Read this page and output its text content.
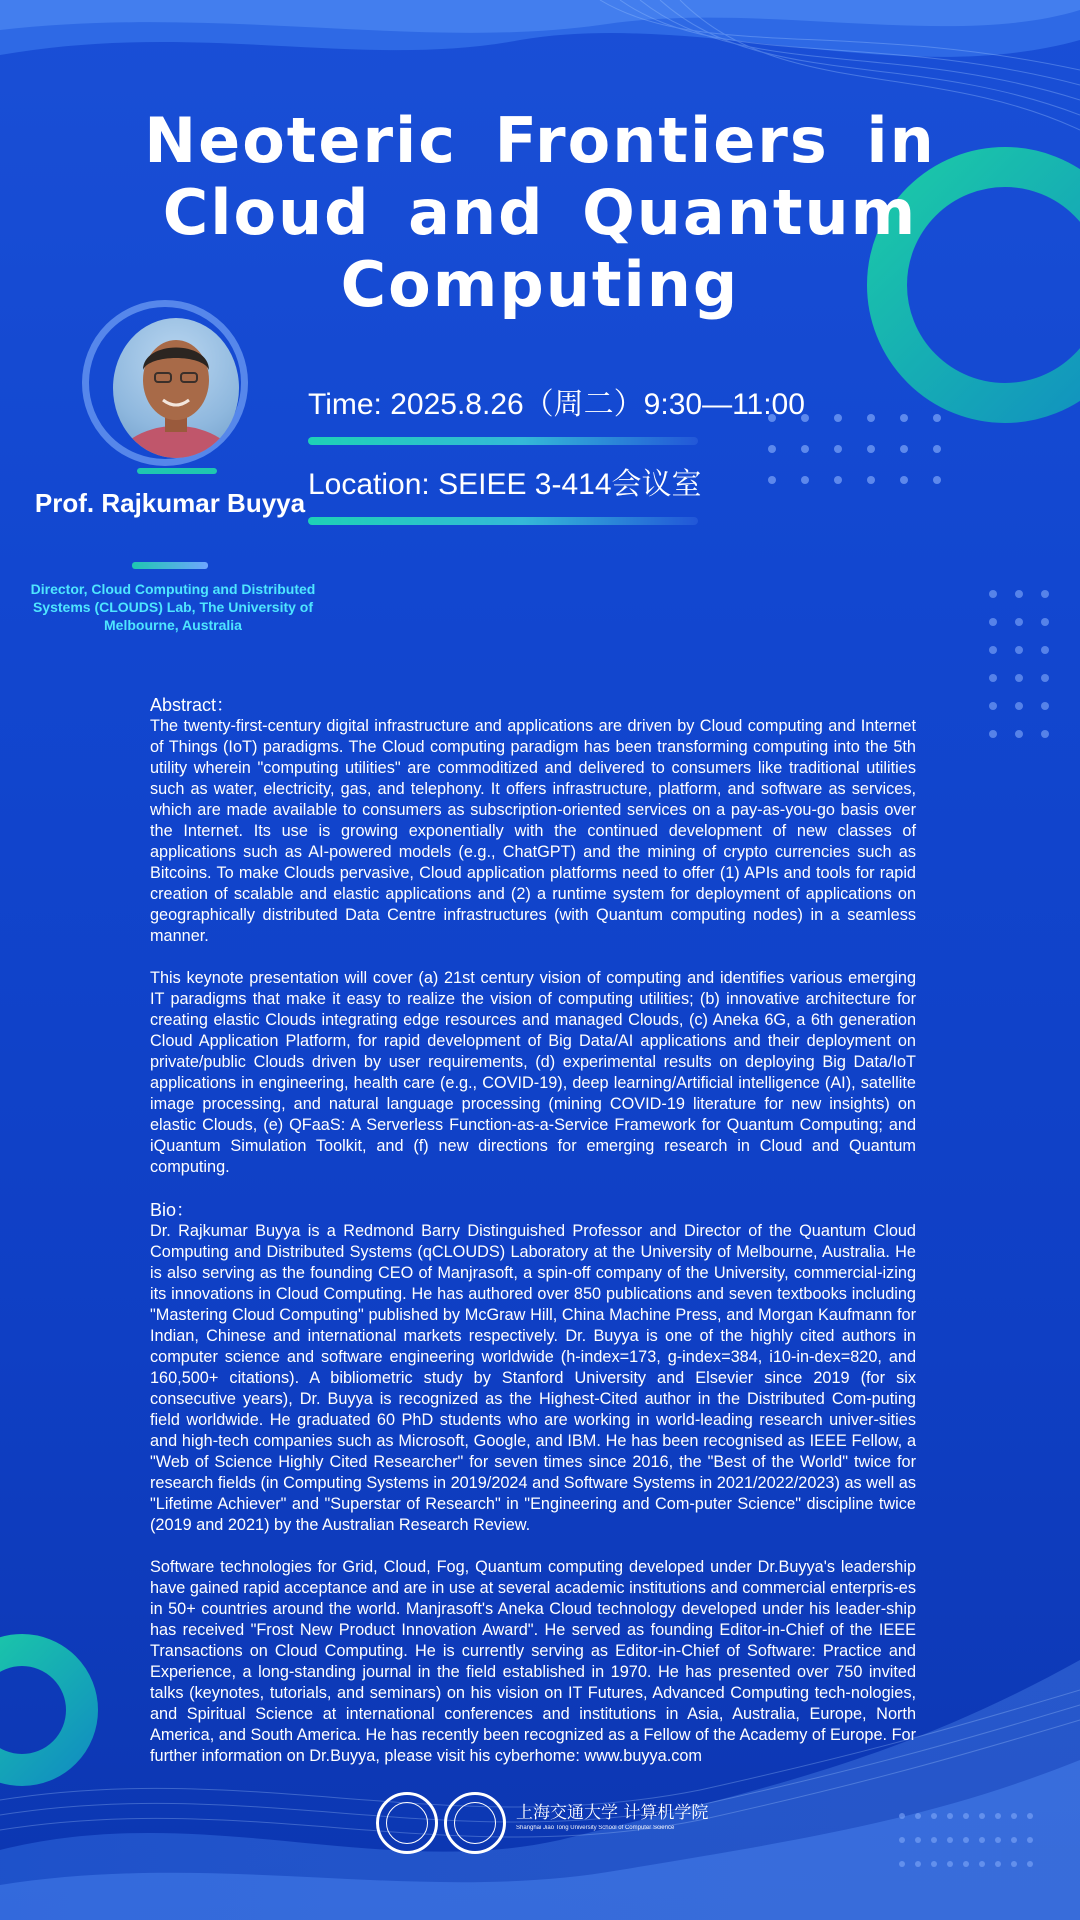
Neoteric Frontiers in Cloud and Quantum Computing
Prof. Rajkumar Buyya
Director, Cloud Computing and Distributed Systems (CLOUDS) Lab, The University of Melbourne, Australia
Time: 2025.8.26（周二）9:30—11:00
Location: SEIEE 3-414会议室
Abstract：

The twenty-first-century digital infrastructure and applications are driven by Cloud computing and Internet of Things (IoT) paradigms. The Cloud computing paradigm has been transforming computing into the 5th utility wherein "computing utilities" are commoditized and delivered to consumers like traditional utilities such as water, electricity, gas, and telephony. It offers infrastructure, platform, and software as services, which are made available to consumers as subscription-oriented services on a pay-as-you-go basis over the Internet. Its use is growing exponentially with the continued development of new classes of applications such as AI-powered models (e.g., ChatGPT) and the mining of crypto currencies such as Bitcoins. To make Clouds pervasive, Cloud application platforms need to offer (1) APIs and tools for rapid creation of scalable and elastic applications and (2) a runtime system for deployment of applications on geographically distributed Data Centre infrastructures (with Quantum computing nodes) in a seamless manner.

This keynote presentation will cover (a) 21st century vision of computing and identifies various emerging IT paradigms that make it easy to realize the vision of computing utilities; (b) innovative architecture for creating elastic Clouds integrating edge resources and managed Clouds, (c) Aneka 6G, a 6th generation Cloud Application Platform, for rapid development of Big Data/AI applications and their deployment on private/public Clouds driven by user requirements, (d) experimental results on deploying Big Data/IoT applications in engineering, health care (e.g., COVID-19), deep learning/Artificial intelligence (AI), satellite image processing, and natural language processing (mining COVID-19 literature for new insights) on elastic Clouds, (e) QFaaS: A Serverless Function-as-a-Service Framework for Quantum Computing; and iQuantum Simulation Toolkit, and (f) new directions for emerging research in Cloud and Quantum computing.

Bio：

Dr. Rajkumar Buyya is a Redmond Barry Distinguished Professor and Director of the Quantum Cloud Computing and Distributed Systems (qCLOUDS) Laboratory at the University of Melbourne, Australia. He is also serving as the founding CEO of Manjrasoft, a spin-off company of the University, commercial-izing its innovations in Cloud Computing. He has authored over 850 publications and seven textbooks including "Mastering Cloud Computing" published by McGraw Hill, China Machine Press, and Morgan Kaufmann for Indian, Chinese and international markets respectively. Dr. Buyya is one of the highly cited authors in computer science and software engineering worldwide (h-index=173, g-index=384, i10-in-dex=820, and 160,500+ citations). A bibliometric study by Stanford University and Elsevier since 2019 (for six consecutive years), Dr. Buyya is recognized as the Highest-Cited author in the Distributed Com-puting field worldwide. He graduated 60 PhD students who are working in world-leading research univer-sities and high-tech companies such as Microsoft, Google, and IBM. He has been recognised as IEEE Fellow, a "Web of Science Highly Cited Researcher" for seven times since 2016, the "Best of the World" twice for research fields (in Computing Systems in 2019/2024 and Software Systems in 2021/2022/2023) as well as "Lifetime Achiever" and "Superstar of Research" in "Engineering and Com-puter Science" discipline twice (2019 and 2021) by the Australian Research Review.

Software technologies for Grid, Cloud, Fog, Quantum computing developed under Dr.Buyya's leadership have gained rapid acceptance and are in use at several academic institutions and commercial enterpris-es in 50+ countries around the world. Manjrasoft's Aneka Cloud technology developed under his leader-ship has received "Frost New Product Innovation Award". He served as founding Editor-in-Chief of the IEEE Transactions on Cloud Computing. He is currently serving as Editor-in-Chief of Software: Practice and Experience, a long-standing journal in the field established in 1970. He has presented over 750 invited talks (keynotes, tutorials, and seminars) on his vision on IT Futures, Advanced Computing tech-nologies, and Spiritual Science at international conferences and institutions in Asia, Australia, Europe, North America, and South America. He has recently been recognized as a Fellow of the Academy of Europe. For further information on Dr.Buyya, please visit his cyberhome: www.buyya.com

上海交通大学 计算机学院
Shanghai Jiao Tong University School of Computer Science
